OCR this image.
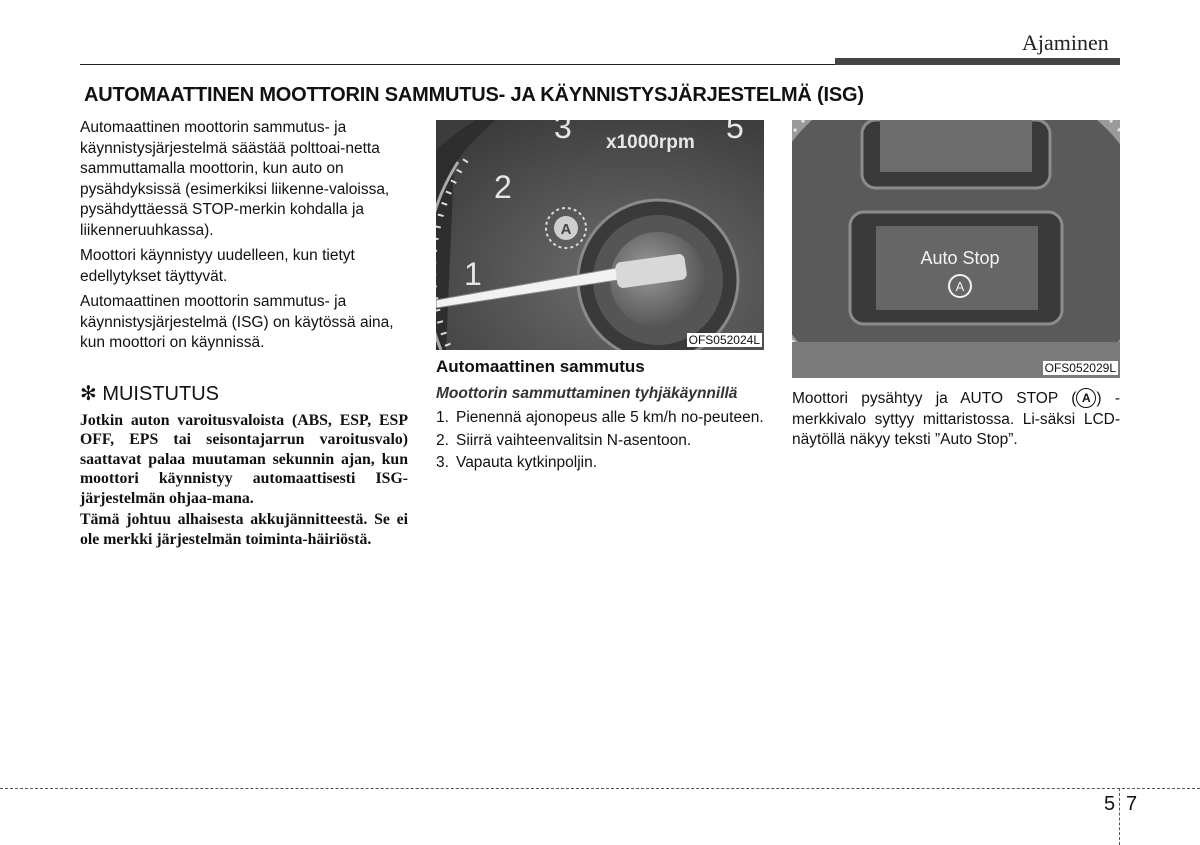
Ajaminen
AUTOMAATTINEN MOOTTORIN SAMMUTUS- JA KÄYNNISTYSJÄRJESTELMÄ (ISG)

Automaattinen moottorin sammutus- ja käynnistysjärjestelmä säästää polttoai-netta sammuttamalla moottorin, kun auto on pysähdyksissä (esimerkiksi liikenne-valoissa, pysähdyttäessä STOP-merkin kohdalla ja liikenneruuhkassa).

Moottori käynnistyy uudelleen, kun tietyt edellytykset täyttyvät.

Automaattinen moottorin sammutus- ja käynnistysjärjestelmä (ISG) on käytössä aina, kun moottori on käynnissä.

✻ MUISTUTUS

Jotkin auton varoitusvaloista (ABS, ESP, ESP OFF, EPS tai seisontajarrun varoitusvalo) saattavat palaa muutaman sekunnin ajan, kun moottori käynnistyy automaattisesti ISG-järjestelmän ohjaa-mana.

Tämä johtuu alhaisesta akkujännitteestä. Se ei ole merkki järjestelmän toiminta-häiriöstä.

3	5
2
1
x1000rpm
A
OFS052024L
Auto Stop
A
OFS052029L
Automaattinen sammutus
Moottorin sammuttaminen tyhjäkäynnillä
1. Pienennä ajonopeus alle 5 km/h no-peuteen.
2. Siirrä vaihteenvalitsin N-asentoon.
3. Vapauta kytkinpoljin.
Moottori pysähtyy ja AUTO STOP ( A ) -merkkivalo syttyy mittaristossa. Li-säksi LCD-näytöllä näkyy teksti ”Auto Stop”.
5 7
